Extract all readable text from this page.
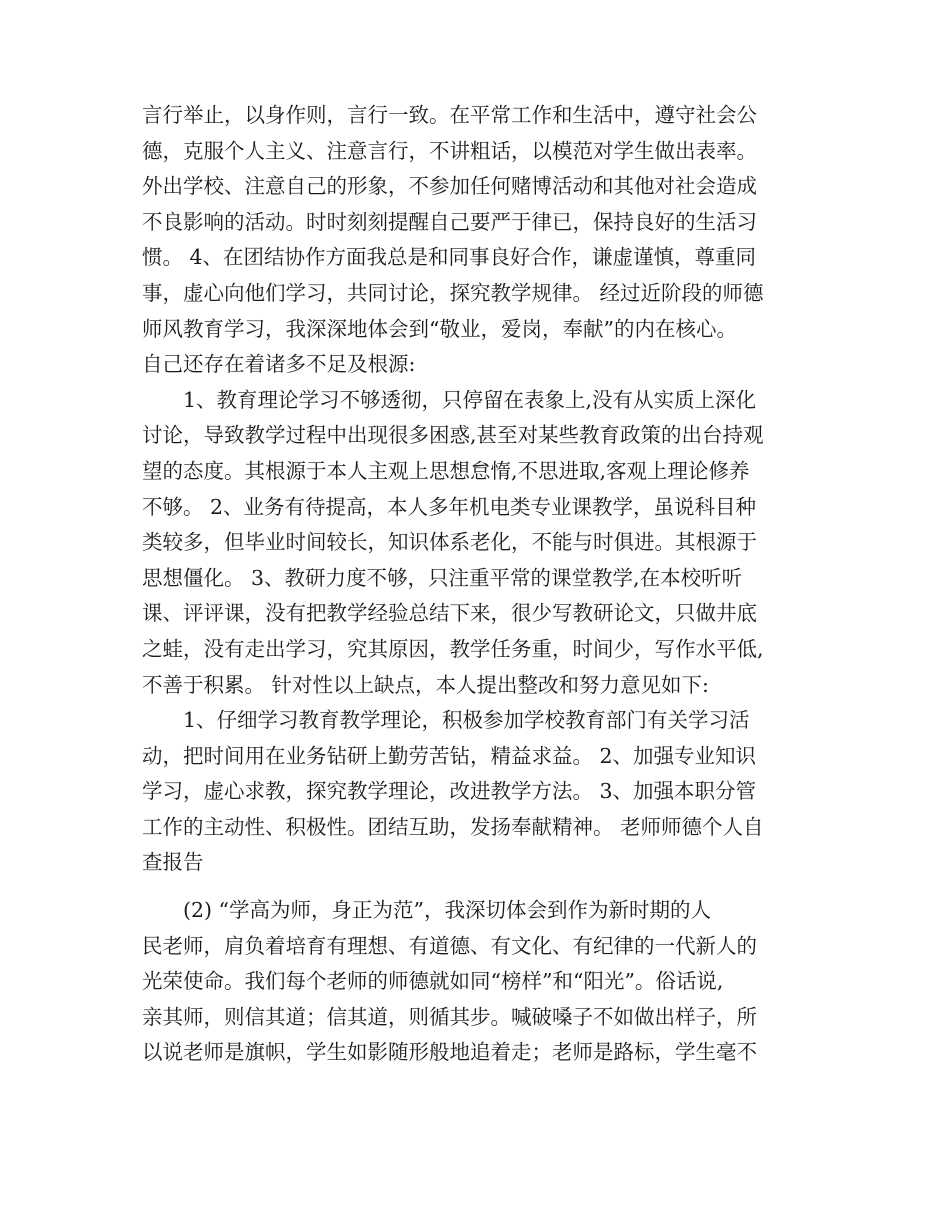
言行举止，以身作则，言行一致。在平常工作和生活中，遵守社会公
德，克服个人主义、注意言行，不讲粗话，以模范对学生做出表率。
外出学校、注意自己的形象，不参加任何赌博活动和其他对社会造成
不良影响的活动。时时刻刻提醒自己要严于律已，保持良好的生活习
惯。 4、在团结协作方面我总是和同事良好合作，谦虚谨慎，尊重同
事，虚心向他们学习，共同讨论，探究教学规律。 经过近阶段的师德
师风教育学习，我深深地体会到“敬业，爱岗，奉献”的内在核心。
自己还存在着诸多不足及根源:
　　1、教育理论学习不够透彻，只停留在表象上,没有从实质上深化
讨论，导致教学过程中出现很多困惑,甚至对某些教育政策的出台持观
望的态度。其根源于本人主观上思想怠惰,不思进取,客观上理论修养
不够。 2、业务有待提高，本人多年机电类专业课教学，虽说科目种
类较多，但毕业时间较长，知识体系老化，不能与时俱进。其根源于
思想僵化。 3、教研力度不够，只注重平常的课堂教学,在本校听听
课、评评课，没有把教学经验总结下来，很少写教研论文，只做井底
之蛙，没有走出学习，究其原因，教学任务重，时间少，写作水平低,
不善于积累。 针对性以上缺点，本人提出整改和努力意见如下:
　　1、仔细学习教育教学理论，积极参加学校教育部门有关学习活
动，把时间用在业务钻研上勤劳苦钻，精益求益。 2、加强专业知识
学习，虚心求教，探究教学理论，改进教学方法。 3、加强本职分管
工作的主动性、积极性。团结互助，发扬奉献精神。 老师师德个人自
查报告
　　(2) “学高为师，身正为范”，我深切体会到作为新时期的人
民老师，肩负着培育有理想、有道德、有文化、有纪律的一代新人的
光荣使命。我们每个老师的师德就如同“榜样”和“阳光”。俗话说,
亲其师，则信其道；信其道，则循其步。喊破嗓子不如做出样子，所
以说老师是旗帜，学生如影随形般地追着走；老师是路标，学生毫不
